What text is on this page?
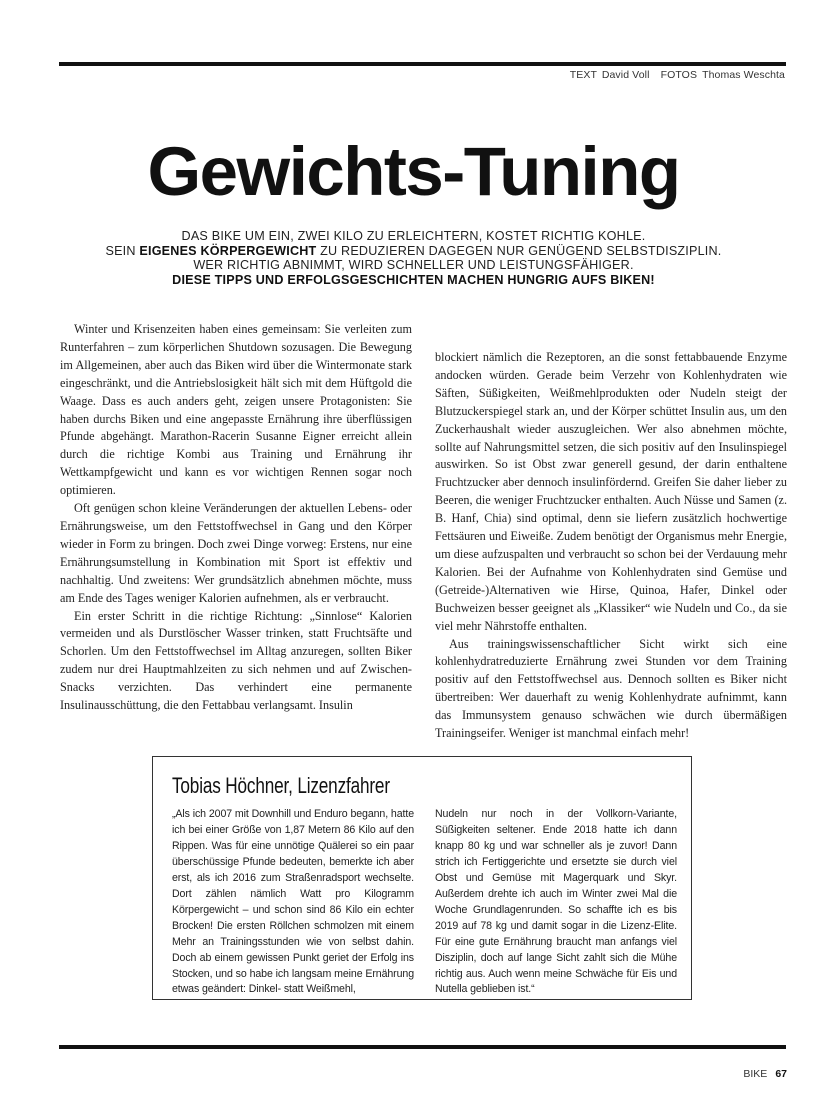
TEXT David Voll FOTOS Thomas Weschta
Gewichts-Tuning
DAS BIKE UM EIN, ZWEI KILO ZU ERLEICHTERN, KOSTET RICHTIG KOHLE.
SEIN EIGENES KÖRPERGEWICHT ZU REDUZIEREN DAGEGEN NUR GENÜGEND SELBSTDISZIPLIN.
WER RICHTIG ABNIMMT, WIRD SCHNELLER UND LEISTUNGSFÄHIGER.
DIESE TIPPS UND ERFOLGSGESCHICHTEN MACHEN HUNGRIG AUFS BIKEN!

Winter und Krisenzeiten haben eines gemeinsam: Sie verleiten zum Runterfahren – zum körperlichen Shutdown sozusagen. Die Bewegung im Allgemeinen, aber auch das Biken wird über die Wintermonate stark eingeschränkt, und die Antriebslosigkeit hält sich mit dem Hüftgold die Waage. Dass es auch anders geht, zeigen unsere Protagonisten: Sie haben durchs Biken und eine angepasste Ernährung ihre überflüssigen Pfunde abgehängt. Marathon-Racerin Susanne Eigner erreicht allein durch die richtige Kombi aus Training und Ernährung ihr Wettkampfgewicht und kann es vor wichtigen Rennen sogar noch optimieren.

Oft genügen schon kleine Veränderungen der aktuellen Lebens- oder Ernährungsweise, um den Fettstoffwechsel in Gang und den Körper wieder in Form zu bringen. Doch zwei Dinge vorweg: Erstens, nur eine Ernährungsumstellung in Kombination mit Sport ist effektiv und nachhaltig. Und zweitens: Wer grundsätzlich abnehmen möchte, muss am Ende des Tages weniger Kalorien aufnehmen, als er verbraucht.

Ein erster Schritt in die richtige Richtung: „Sinnlose“ Kalorien vermeiden und als Durstlöscher Wasser trinken, statt Fruchtsäfte und Schorlen. Um den Fettstoffwechsel im Alltag anzuregen, sollten Biker zudem nur drei Hauptmahlzeiten zu sich nehmen und auf Zwischen-Snacks verzichten. Das verhindert eine permanente Insulinausschüttung, die den Fettabbau verlangsamt. Insulin

blockiert nämlich die Rezeptoren, an die sonst fettabbauende Enzyme andocken würden. Gerade beim Verzehr von Kohlenhydraten wie Säften, Süßigkeiten, Weißmehlprodukten oder Nudeln steigt der Blutzuckerspiegel stark an, und der Körper schüttet Insulin aus, um den Zuckerhaushalt wieder auszugleichen. Wer also abnehmen möchte, sollte auf Nahrungsmittel setzen, die sich positiv auf den Insulinspiegel auswirken. So ist Obst zwar generell gesund, der darin enthaltene Fruchtzucker aber dennoch insulinfördernd. Greifen Sie daher lieber zu Beeren, die weniger Fruchtzucker enthalten. Auch Nüsse und Samen (z. B. Hanf, Chia) sind optimal, denn sie liefern zusätzlich hochwertige Fettsäuren und Eiweiße. Zudem benötigt der Organismus mehr Energie, um diese aufzuspalten und verbraucht so schon bei der Verdauung mehr Kalorien. Bei der Aufnahme von Kohlenhydraten sind Gemüse und (Getreide-)Alternativen wie Hirse, Quinoa, Hafer, Dinkel oder Buchweizen besser geeignet als „Klassiker“ wie Nudeln und Co., da sie viel mehr Nährstoffe enthalten.

Aus trainingswissenschaftlicher Sicht wirkt sich eine kohlenhydratreduzierte Ernährung zwei Stunden vor dem Training positiv auf den Fettstoffwechsel aus. Dennoch sollten es Biker nicht übertreiben: Wer dauerhaft zu wenig Kohlenhydrate aufnimmt, kann das Immunsystem genauso schwächen wie durch übermäßigen Trainingseifer. Weniger ist manchmal einfach mehr!

Tobias Höchner, Lizenzfahrer

„Als ich 2007 mit Downhill und Enduro begann, hatte ich bei einer Größe von 1,87 Metern 86 Kilo auf den Rippen. Was für eine unnötige Quälerei so ein paar überschüssige Pfunde bedeuten, bemerkte ich aber erst, als ich 2016 zum Straßenradsport wechselte. Dort zählen nämlich Watt pro Kilogramm Körpergewicht – und schon sind 86 Kilo ein echter Brocken! Die ersten Röllchen schmolzen mit einem Mehr an Trainingsstunden wie von selbst dahin. Doch ab einem gewissen Punkt geriet der Erfolg ins Stocken, und so habe ich langsam meine Ernährung etwas geändert: Dinkel- statt Weißmehl,

Nudeln nur noch in der Vollkorn-Variante, Süßigkeiten seltener. Ende 2018 hatte ich dann knapp 80 kg und war schneller als je zuvor! Dann strich ich Fertiggerichte und ersetzte sie durch viel Obst und Gemüse mit Magerquark und Skyr. Außerdem drehte ich auch im Winter zwei Mal die Woche Grundlagenrunden. So schaffte ich es bis 2019 auf 78 kg und damit sogar in die Lizenz-Elite. Für eine gute Ernährung braucht man anfangs viel Disziplin, doch auf lange Sicht zahlt sich die Mühe richtig aus. Auch wenn meine Schwäche für Eis und Nutella geblieben ist.“

BIKE 67
